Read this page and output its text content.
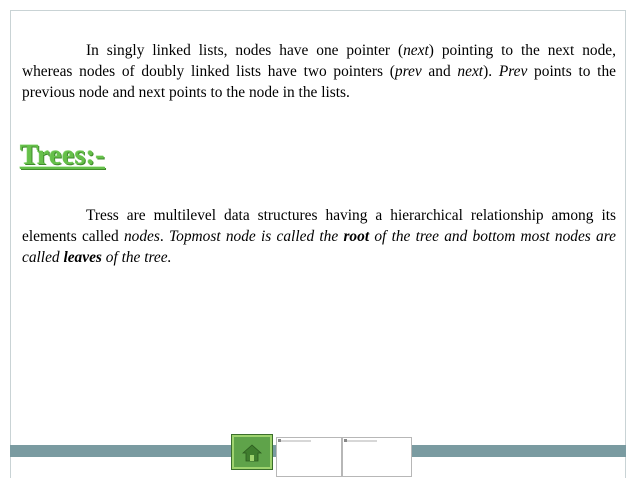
In singly linked lists, nodes have one pointer (next) pointing to the next node, whereas nodes of doubly linked lists have two pointers (prev and next). Prev points to the previous node and next points to the node in the lists.

Trees:-

Tress are multilevel data structures having a hierarchical relationship among its elements called nodes. Topmost node is called the root of the tree and bottom most nodes are called leaves of the tree.
